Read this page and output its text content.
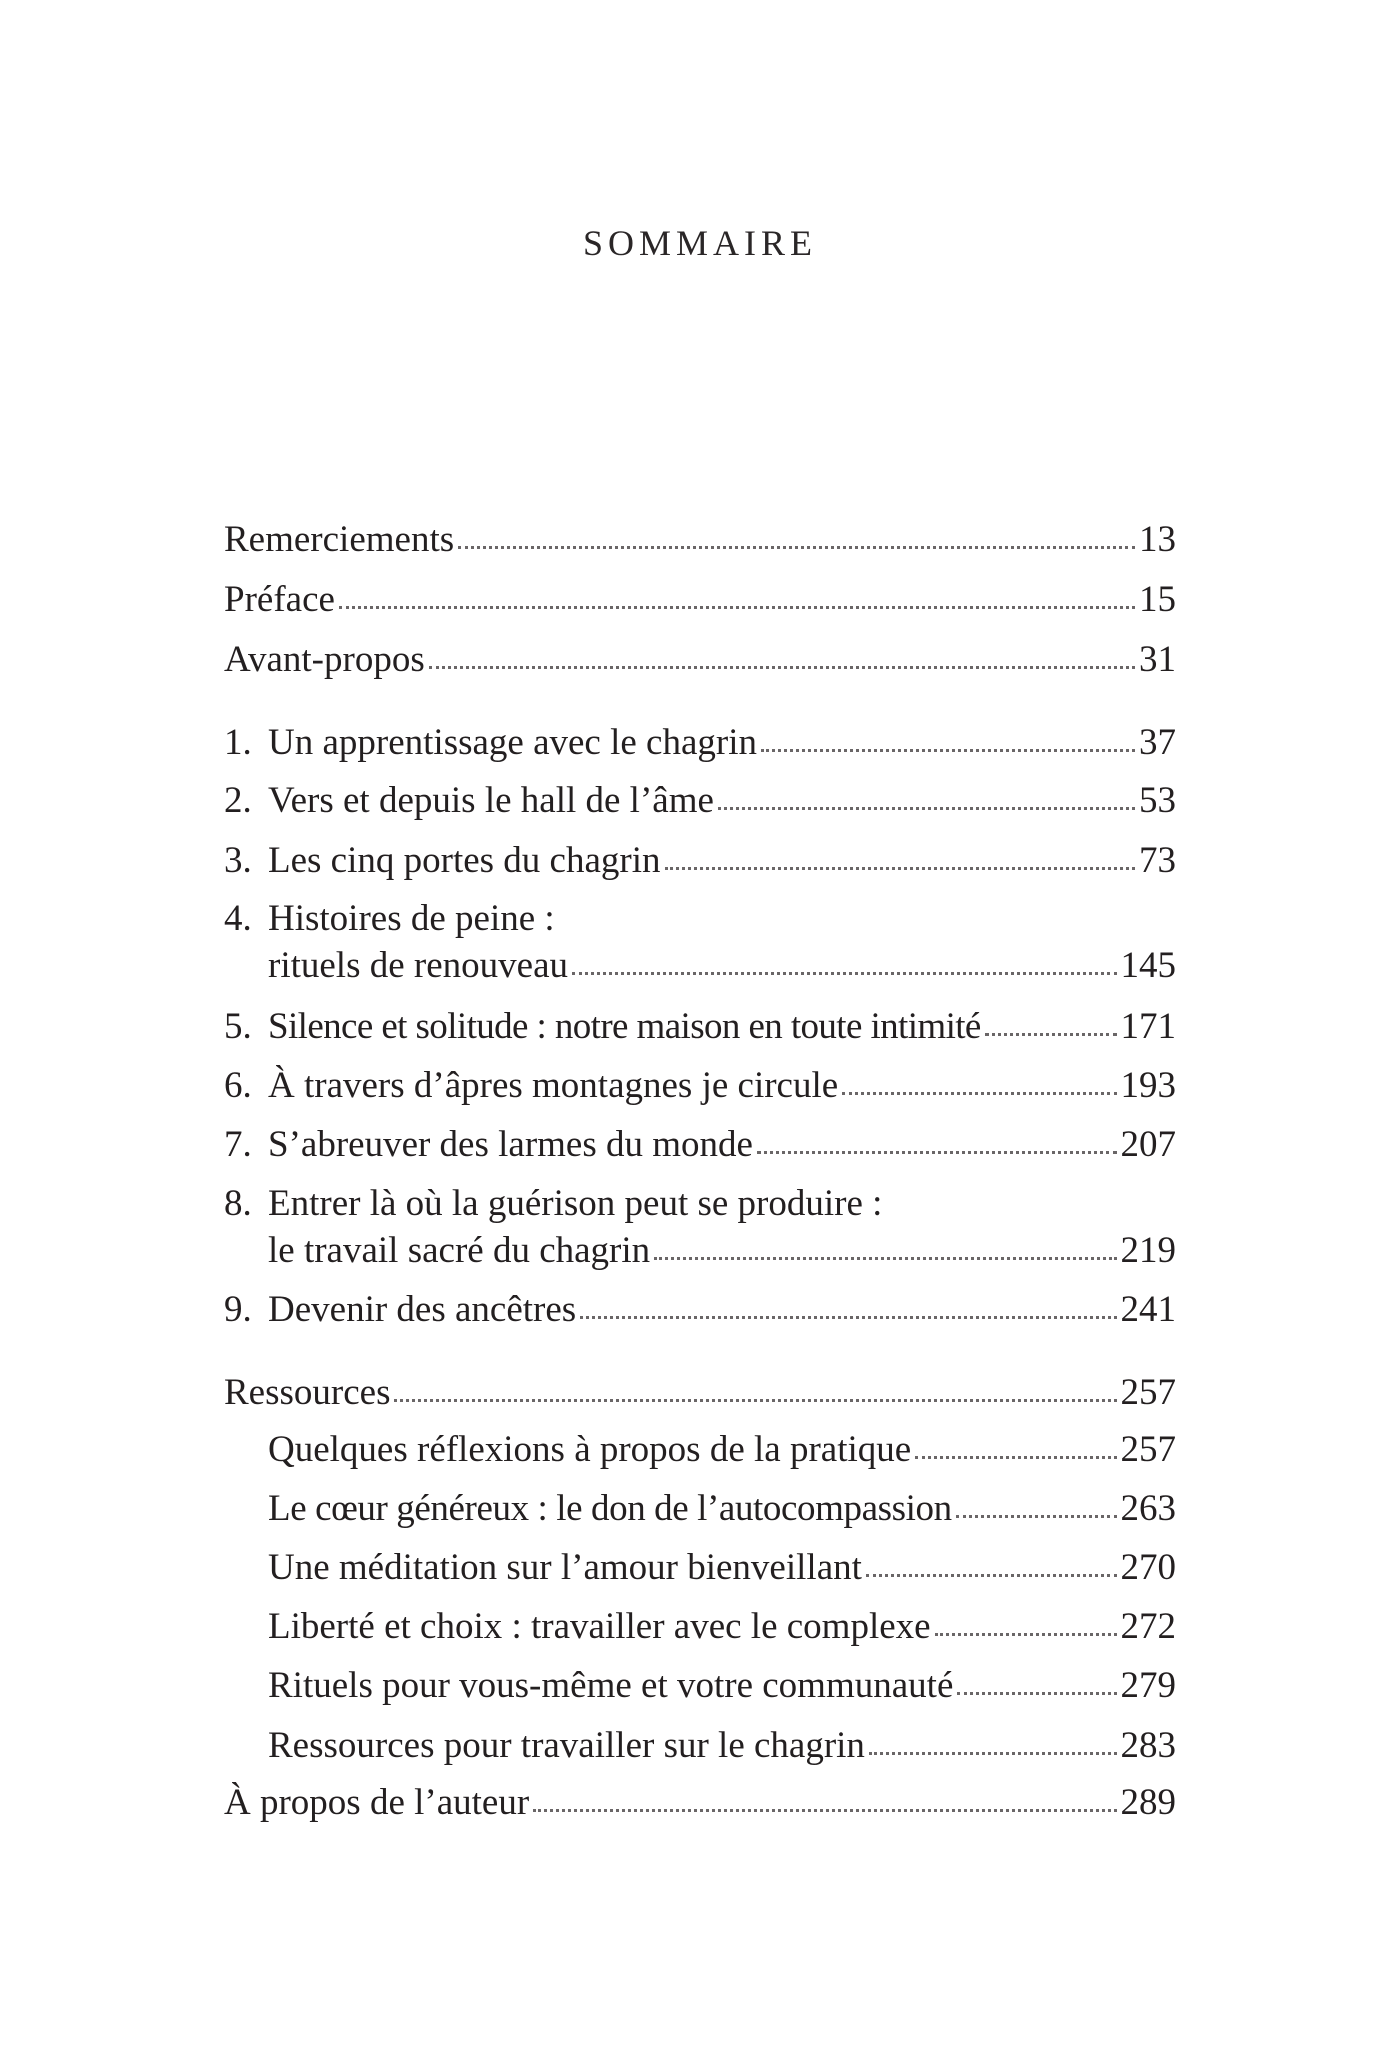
SOMMAIRE
Remerciements	13
Préface	15
Avant-propos	31
1. Un apprentissage avec le chagrin	37
2. Vers et depuis le hall de l’âme	53
3. Les cinq portes du chagrin	73
4. Histoires de peine :
rituels de renouveau	145
5. Silence et solitude : notre maison en toute intimité	171
6. À travers d’âpres montagnes je circule	193
7. S’abreuver des larmes du monde	207
8. Entrer là où la guérison peut se produire :
le travail sacré du chagrin	219
9. Devenir des ancêtres	241
Ressources	257
Quelques réflexions à propos de la pratique	257
Le cœur généreux : le don de l’autocompassion	263
Une méditation sur l’amour bienveillant	270
Liberté et choix : travailler avec le complexe	272
Rituels pour vous-même et votre communauté	279
Ressources pour travailler sur le chagrin	283
À propos de l’auteur	289
